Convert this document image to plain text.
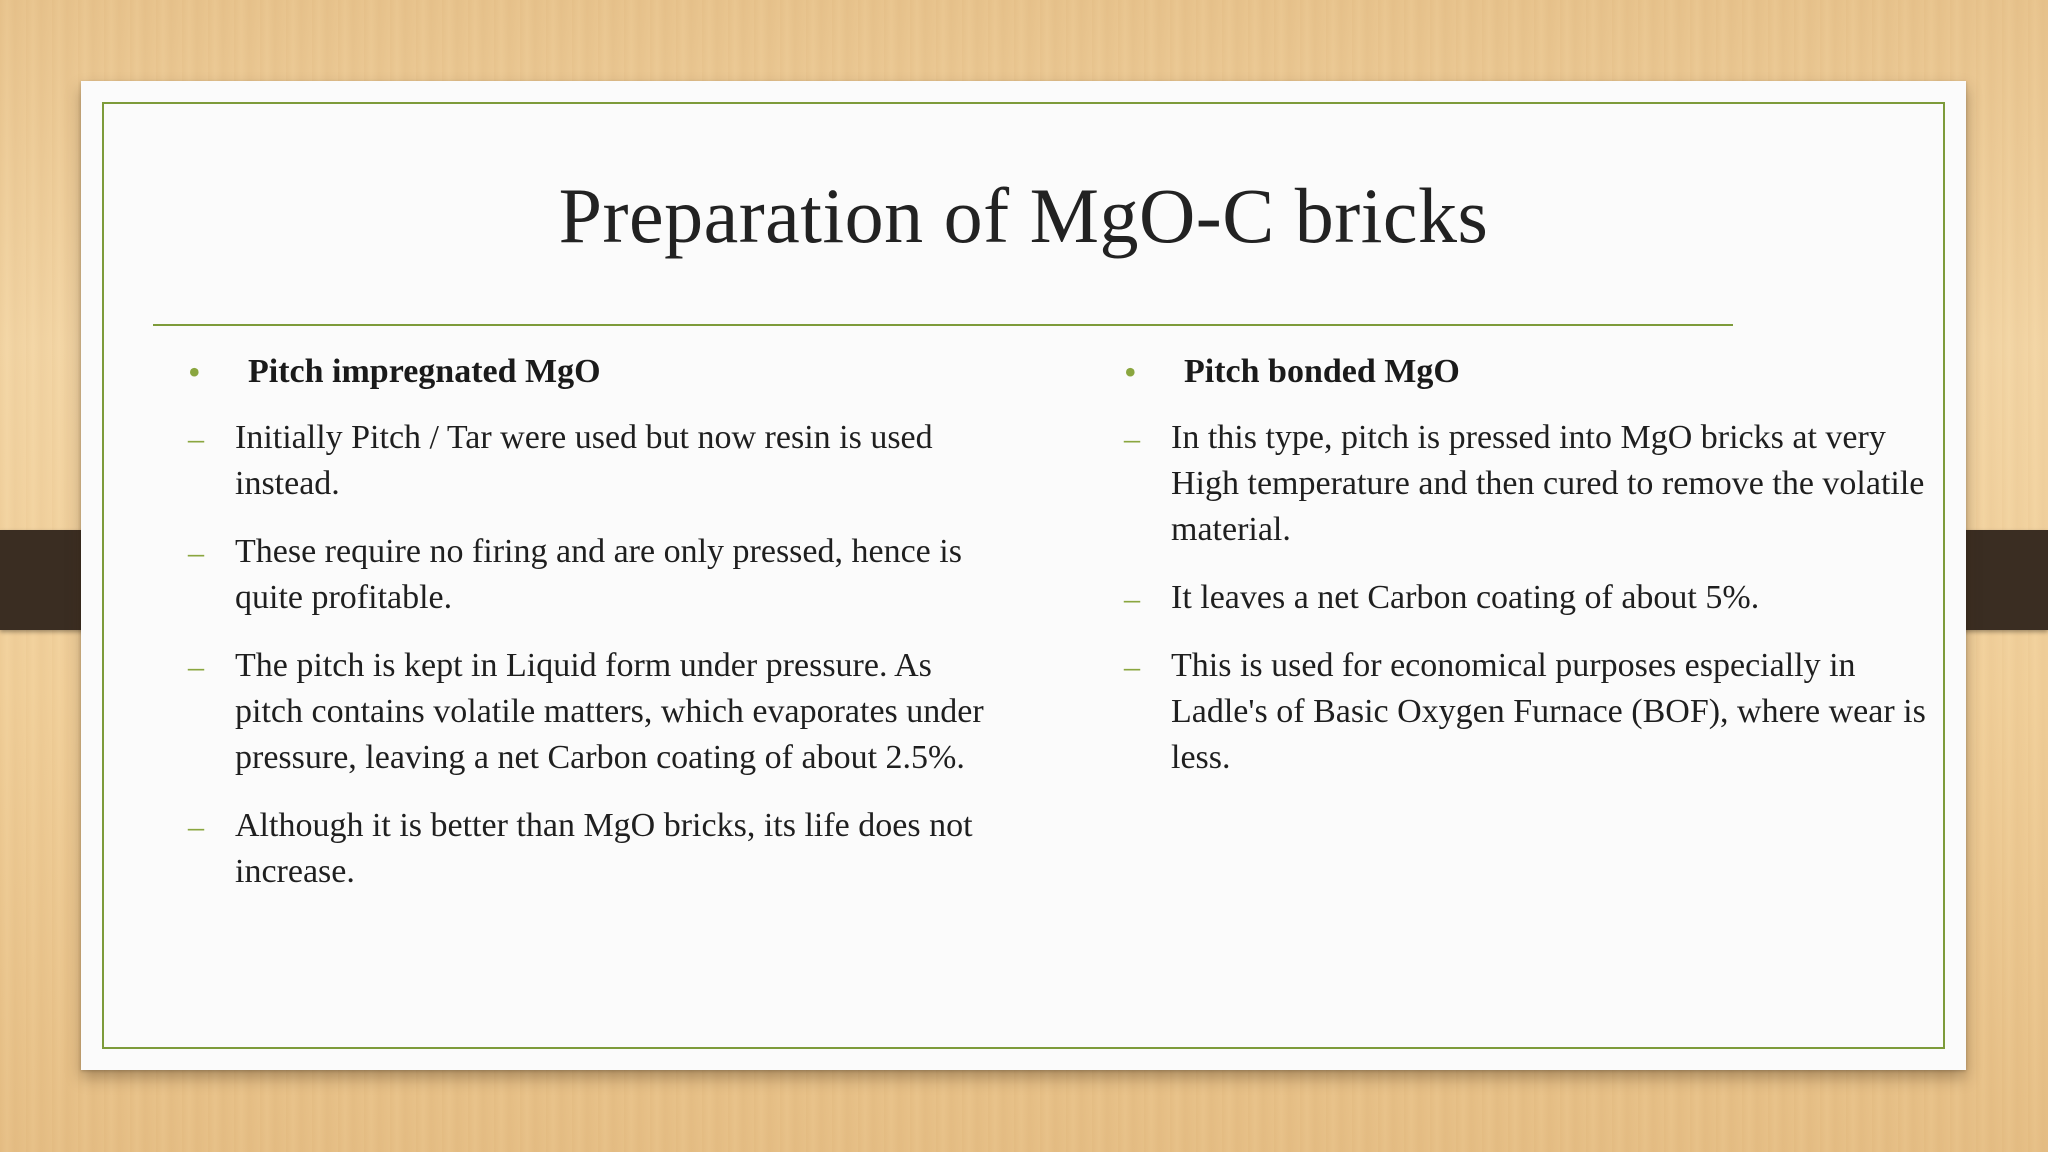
Preparation of MgO-C bricks
• Pitch impregnated MgO
– Initially Pitch / Tar were used but now resin is used instead.
– These require no firing and are only pressed, hence is quite profitable.
– The pitch is kept in Liquid form under pressure. As pitch contains volatile matters, which evaporates under pressure, leaving a net Carbon coating of about 2.5%.
– Although it is better than MgO bricks, its life does not increase.
• Pitch bonded MgO
– In this type, pitch is pressed into MgO bricks at very High temperature and then cured to remove the volatile material.
– It leaves a net Carbon coating of about 5%.
– This is used for economical purposes especially in Ladle's of Basic Oxygen Furnace (BOF), where wear is less.
